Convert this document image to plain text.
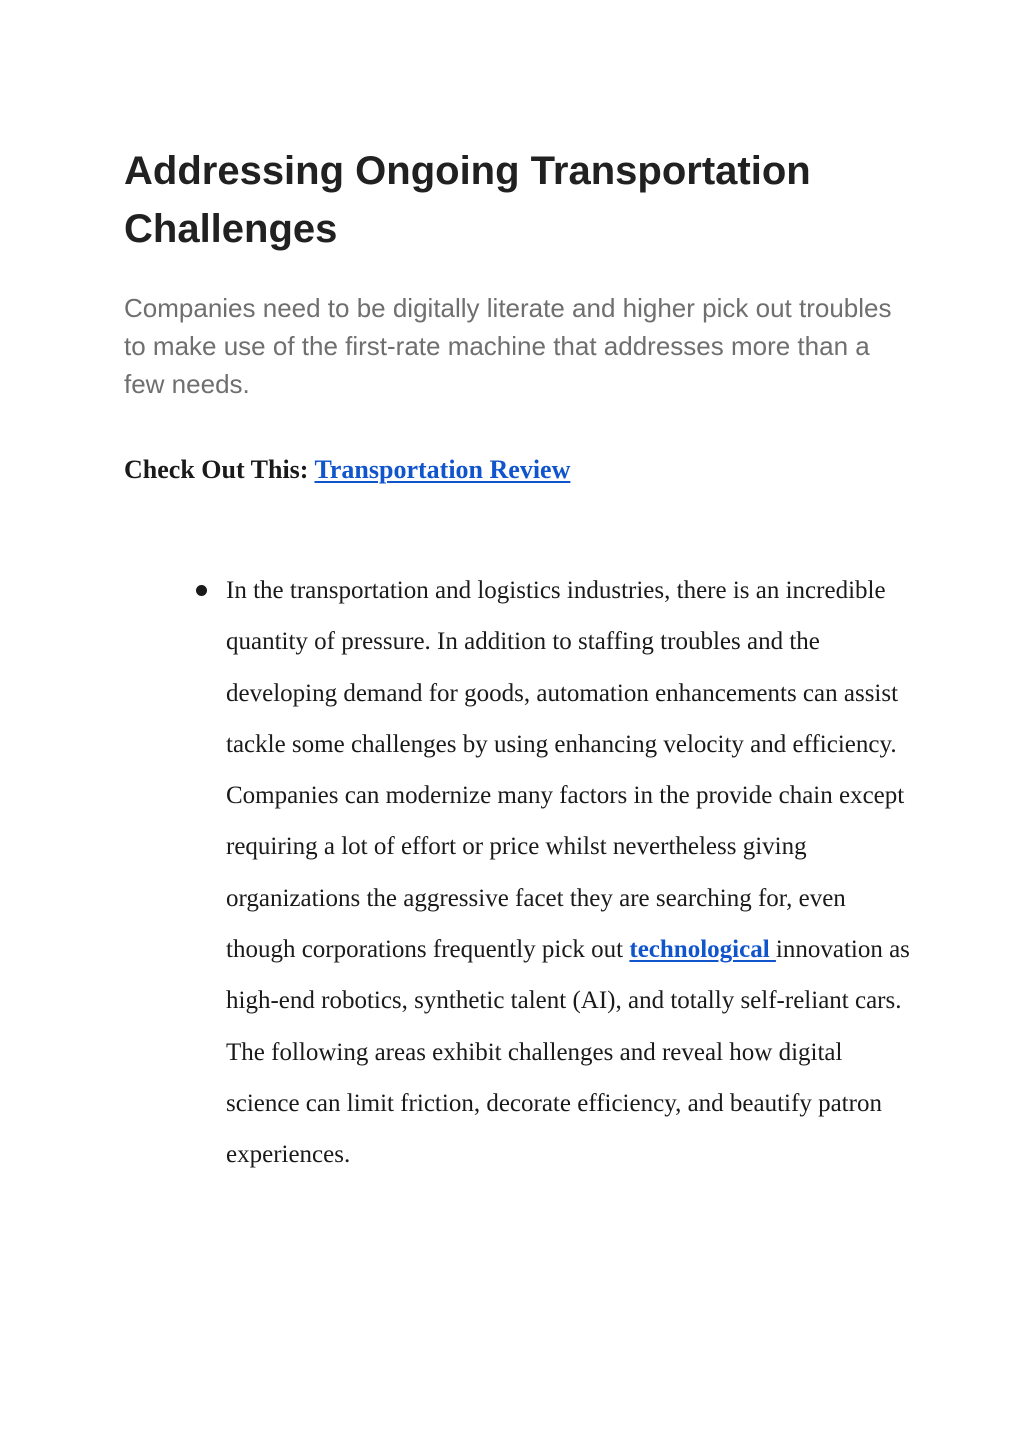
Addressing Ongoing Transportation Challenges

Companies need to be digitally literate and higher pick out troubles to make use of the first-rate machine that addresses more than a few needs.

Check Out This: Transportation Review

In the transportation and logistics industries, there is an incredible quantity of pressure. In addition to staffing troubles and the developing demand for goods, automation enhancements can assist tackle some challenges by using enhancing velocity and efficiency. Companies can modernize many factors in the provide chain except requiring a lot of effort or price whilst nevertheless giving organizations the aggressive facet they are searching for, even though corporations frequently pick out technological innovation as high-end robotics, synthetic talent (AI), and totally self-reliant cars. The following areas exhibit challenges and reveal how digital science can limit friction, decorate efficiency, and beautify patron experiences.
